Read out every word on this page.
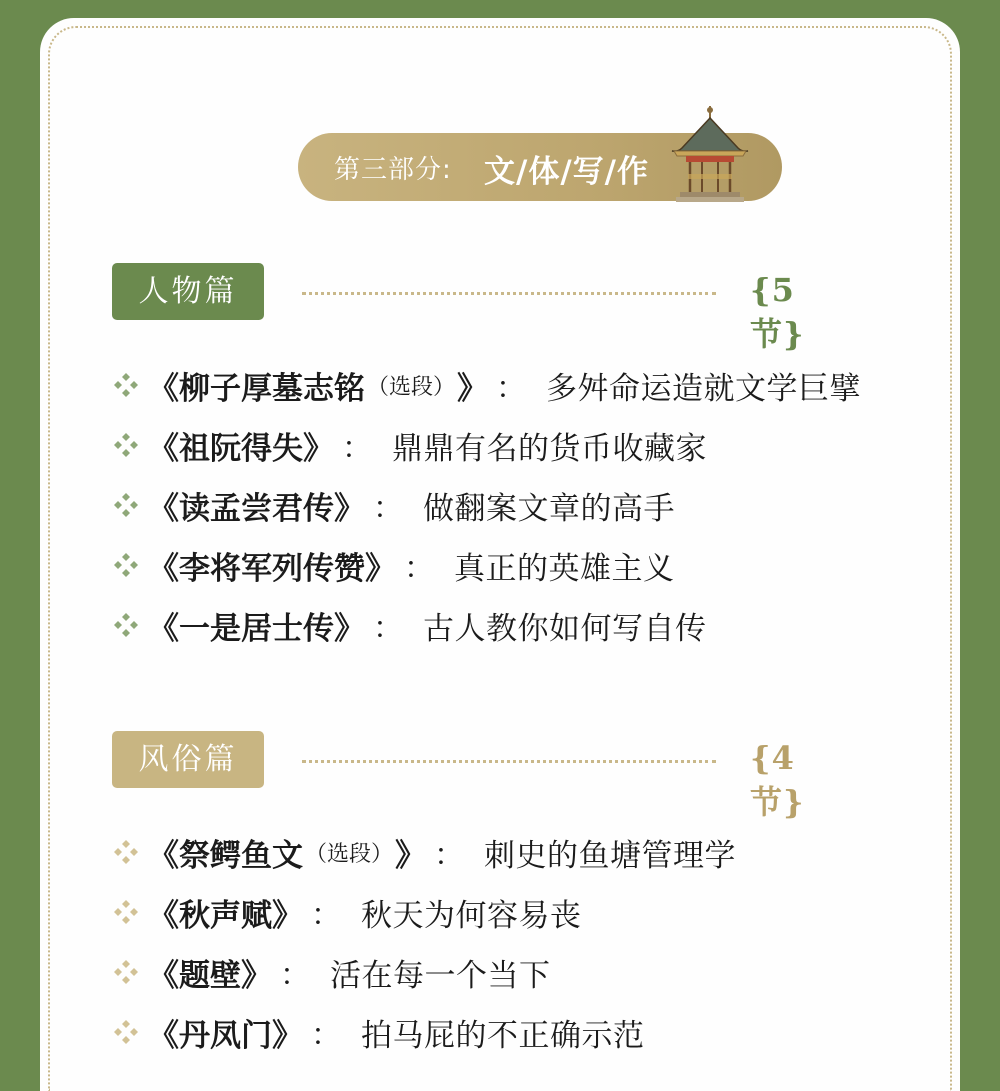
第三部分: 文/体/写/作
人物篇	{5节}
《柳子厚墓志铭 （选段） 》 ： 多舛命运造就文学巨擘
《祖阮得失》 ： 鼎鼎有名的货币收藏家
《读孟尝君传》 ： 做翻案文章的高手
《李将军列传赞》 ： 真正的英雄主义
《一是居士传》 ： 古人教你如何写自传
风俗篇	{4节}
《祭鳄鱼文 （选段） 》 ： 刺史的鱼塘管理学
《秋声赋》 ： 秋天为何容易丧
《题壁》 ： 活在每一个当下
《丹凤门》 ： 拍马屁的不正确示范
